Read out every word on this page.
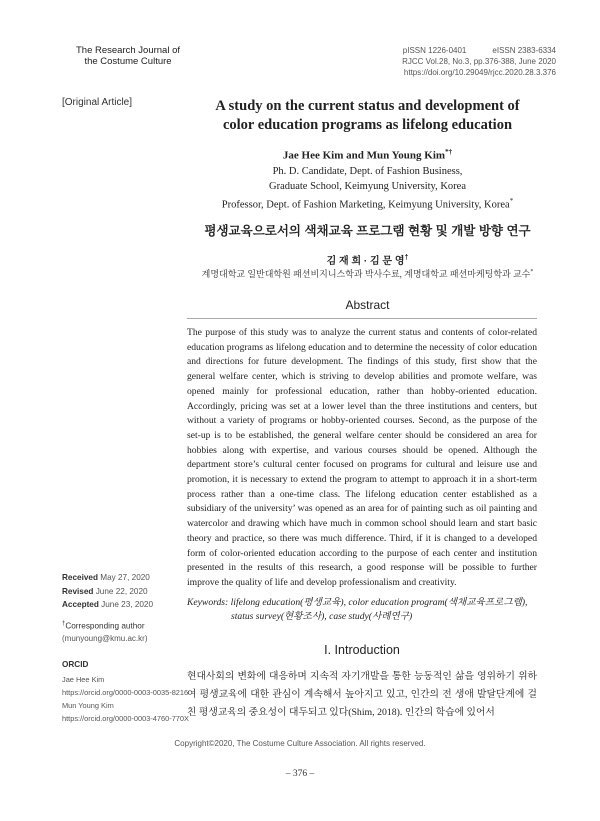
The Research Journal of
the Costume Culture
pISSN 1226-0401	eISSN 2383-6334
RJCC Vol.28, No.3, pp.376-388, June 2020
https://doi.org/10.29049/rjcc.2020.28.3.376
[Original Article]	A study on the current status and development of
color education programs as lifelong education
Jae Hee Kim and Mun Young Kim*†
Ph. D. Candidate, Dept. of Fashion Business,
Graduate School, Keimyung University, Korea
Professor, Dept. of Fashion Marketing, Keimyung University, Korea*
평생교육으로서의 색채교육 프로그램 현황 및 개발 방향 연구
김 재 희 · 김 문 영†
계명대학교 일반대학원 패션비지니스학과 박사수료, 계명대학교 패션마케팅학과 교수*
Abstract
The purpose of this study was to analyze the current status and contents of color-related education programs as lifelong education and to determine the necessity of color education and directions for future development. The findings of this study, first show that the general welfare center, which is striving to develop abilities and promote welfare, was opened mainly for professional education, rather than hobby-oriented education. Accordingly, pricing was set at a lower level than the three institutions and centers, but without a variety of programs or hobby-oriented courses. Second, as the purpose of the set-up is to be established, the general welfare center should be considered an area for hobbies along with expertise, and various courses should be opened. Although the department store’s cultural center focused on programs for cultural and leisure use and promotion, it is necessary to extend the program to attempt to approach it in a short-term process rather than a one-time class. The lifelong education center established as a subsidiary of the university’ was opened as an area for of painting such as oil painting and watercolor and drawing which have much in common school should learn and start basic theory and practice, so there was much difference. Third, if it is changed to a developed form of color-oriented education according to the purpose of each center and institution presented in the results of this research, a good response will be possible to further improve the quality of life and develop professionalism and creativity.
Keywords: lifelong education(평생교육), color education program(색채교육프로그램),
status survey(현황조사), case study(사례연구)
Received May 27, 2020
Revised June 22, 2020
Accepted June 23, 2020
†Corresponding author
(munyoung@kmu.ac.kr)
ORCID
Jae Hee Kim
https://orcid.org/0000-0003-0035-8216
Mun Young Kim
https://orcid.org/0000-0003-4760-770X
I. Introduction
현대사회의 변화에 대응하며 지속적 자기개발을 통한 능동적인 삶을 영위하기 위하여 평생교육에 대한 관심이 계속해서 높아지고 있고, 인간의 전 생애 발달단계에 걸친 평생교육의 중요성이 대두되고 있다(Shim, 2018). 인간의 학습에 있어서
Copyright©2020, The Costume Culture Association. All rights reserved.
– 376 –
